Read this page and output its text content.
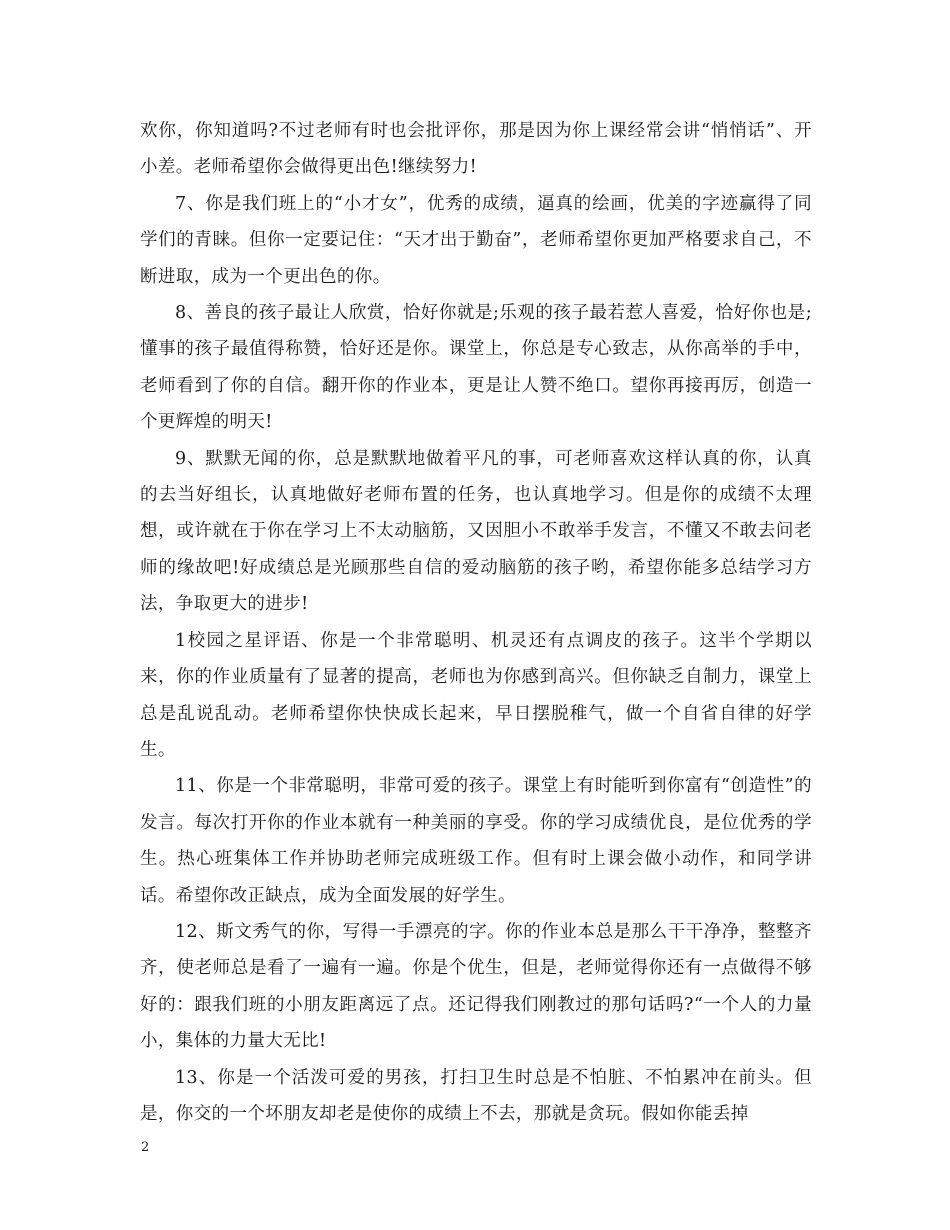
欢你，你知道吗?不过老师有时也会批评你，那是因为你上课经常会讲“悄悄话”、开小差。老师希望你会做得更出色!继续努力!

7、你是我们班上的“小才女”，优秀的成绩，逼真的绘画，优美的字迹赢得了同学们的青睐。但你一定要记住：“天才出于勤奋”，老师希望你更加严格要求自己，不断进取，成为一个更出色的你。

8、善良的孩子最让人欣赏，恰好你就是;乐观的孩子最若惹人喜爱，恰好你也是;懂事的孩子最值得称赞，恰好还是你。课堂上，你总是专心致志，从你高举的手中，老师看到了你的自信。翻开你的作业本，更是让人赞不绝口。望你再接再厉，创造一个更辉煌的明天!

9、默默无闻的你，总是默默地做着平凡的事，可老师喜欢这样认真的你，认真的去当好组长，认真地做好老师布置的任务，也认真地学习。但是你的成绩不太理想，或许就在于你在学习上不太动脑筋，又因胆小不敢举手发言，不懂又不敢去问老师的缘故吧!好成绩总是光顾那些自信的爱动脑筋的孩子哟，希望你能多总结学习方法，争取更大的进步!

1校园之星评语、你是一个非常聪明、机灵还有点调皮的孩子。这半个学期以来，你的作业质量有了显著的提高，老师也为你感到高兴。但你缺乏自制力，课堂上总是乱说乱动。老师希望你快快成长起来，早日摆脱稚气，做一个自省自律的好学生。

11、你是一个非常聪明，非常可爱的孩子。课堂上有时能听到你富有“创造性”的发言。每次打开你的作业本就有一种美丽的享受。你的学习成绩优良，是位优秀的学生。热心班集体工作并协助老师完成班级工作。但有时上课会做小动作，和同学讲话。希望你改正缺点，成为全面发展的好学生。

12、斯文秀气的你，写得一手漂亮的字。你的作业本总是那么干干净净，整整齐齐，使老师总是看了一遍有一遍。你是个优生，但是，老师觉得你还有一点做得不够好的：跟我们班的小朋友距离远了点。还记得我们刚教过的那句话吗?“一个人的力量小，集体的力量大无比!

13、你是一个活泼可爱的男孩，打扫卫生时总是不怕脏、不怕累冲在前头。但是，你交的一个坏朋友却老是使你的成绩上不去，那就是贪玩。假如你能丢掉

2
